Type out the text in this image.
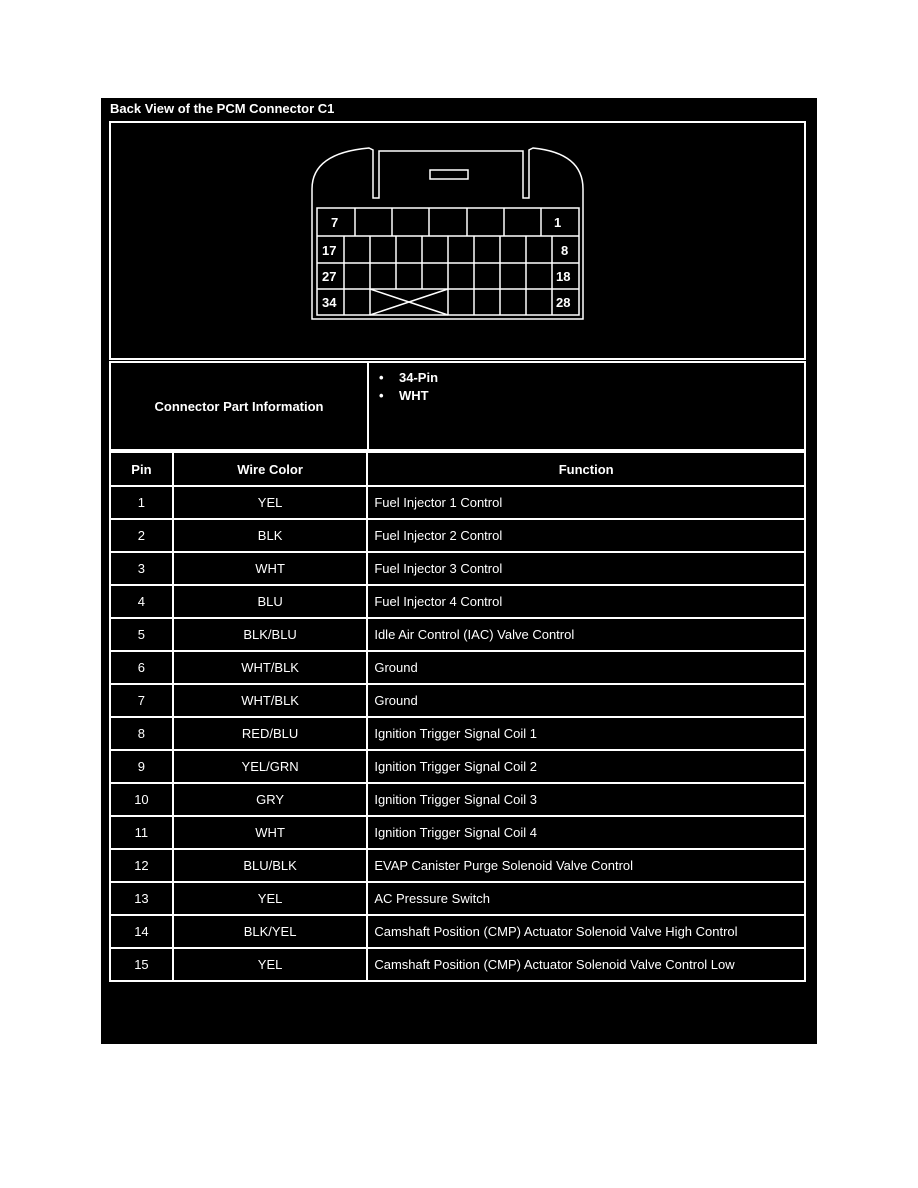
Back View of the PCM Connector C1
7	1
17	8
27	18
34	28
Connector Part Information
• 34-Pin
• WHT
Pin	Wire Color	Function
1	YEL	Fuel Injector 1 Control
2	BLK	Fuel Injector 2 Control
3	WHT	Fuel Injector 3 Control
4	BLU	Fuel Injector 4 Control
5	BLK/BLU	Idle Air Control (IAC) Valve Control
6	WHT/BLK	Ground
7	WHT/BLK	Ground
8	RED/BLU	Ignition Trigger Signal Coil 1
9	YEL/GRN	Ignition Trigger Signal Coil 2
10	GRY	Ignition Trigger Signal Coil 3
11	WHT	Ignition Trigger Signal Coil 4
12	BLU/BLK	EVAP Canister Purge Solenoid Valve Control
13	YEL	AC Pressure Switch
14	BLK/YEL	Camshaft Position (CMP) Actuator Solenoid Valve High Control
15	YEL	Camshaft Position (CMP) Actuator Solenoid Valve Control Low
